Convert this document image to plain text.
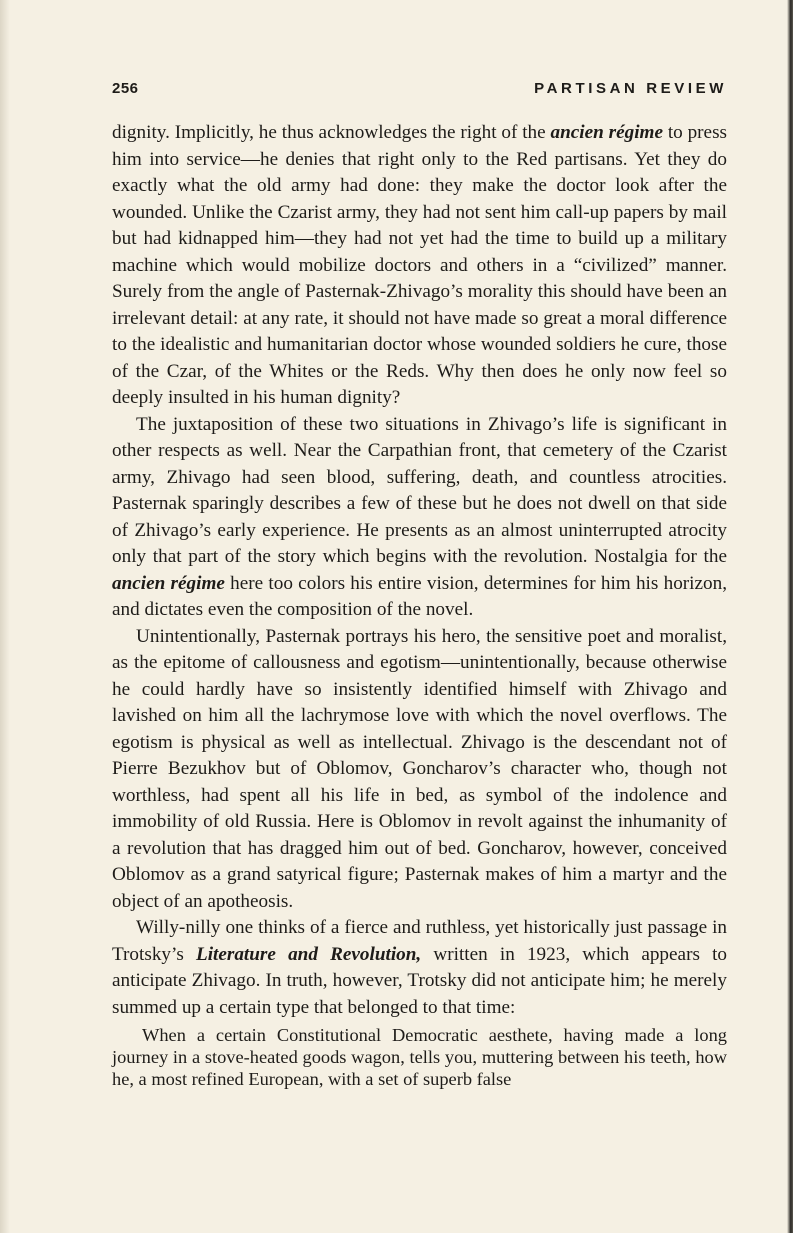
256	PARTISAN REVIEW

dignity. Implicitly, he thus acknowledges the right of the ancien régime to press him into service—he denies that right only to the Red partisans. Yet they do exactly what the old army had done: they make the doctor look after the wounded. Unlike the Czarist army, they had not sent him call-up papers by mail but had kidnapped him—they had not yet had the time to build up a military machine which would mobilize doctors and others in a “civilized” manner. Surely from the angle of Pasternak-Zhivago’s morality this should have been an irrelevant detail: at any rate, it should not have made so great a moral difference to the idealistic and humanitarian doctor whose wounded soldiers he cure, those of the Czar, of the Whites or the Reds. Why then does he only now feel so deeply insulted in his human dignity?

The juxtaposition of these two situations in Zhivago’s life is significant in other respects as well. Near the Carpathian front, that cemetery of the Czarist army, Zhivago had seen blood, suffering, death, and countless atrocities. Pasternak sparingly describes a few of these but he does not dwell on that side of Zhivago’s early experience. He presents as an almost uninterrupted atrocity only that part of the story which begins with the revolution. Nostalgia for the ancien régime here too colors his entire vision, determines for him his horizon, and dictates even the composition of the novel.

Unintentionally, Pasternak portrays his hero, the sensitive poet and moralist, as the epitome of callousness and egotism—unintentionally, because otherwise he could hardly have so insistently identified himself with Zhivago and lavished on him all the lachrymose love with which the novel overflows. The egotism is physical as well as intellectual. Zhivago is the descendant not of Pierre Bezukhov but of Oblomov, Goncharov’s character who, though not worthless, had spent all his life in bed, as symbol of the indolence and immobility of old Russia. Here is Oblomov in revolt against the inhumanity of a revolution that has dragged him out of bed. Goncharov, however, conceived Oblomov as a grand satyrical figure; Pasternak makes of him a martyr and the object of an apotheosis.

Willy-nilly one thinks of a fierce and ruthless, yet historically just passage in Trotsky’s Literature and Revolution, written in 1923, which appears to anticipate Zhivago. In truth, however, Trotsky did not anticipate him; he merely summed up a certain type that belonged to that time:

When a certain Constitutional Democratic aesthete, having made a long journey in a stove-heated goods wagon, tells you, muttering between his teeth, how he, a most refined European, with a set of superb false
